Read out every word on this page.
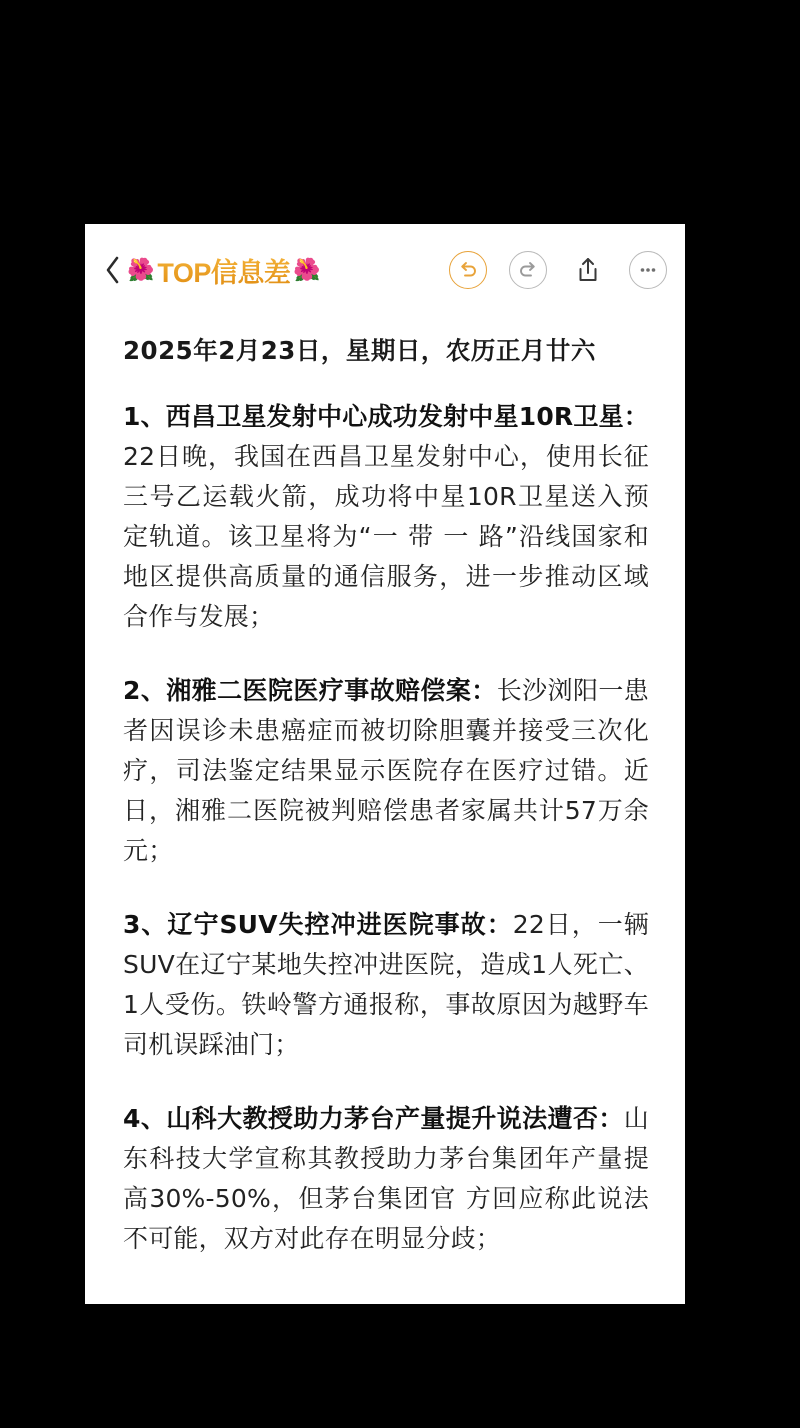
🌺 TOP信息差 🌺
2025年2月23日，星期日，农历正月廿六

1、西昌卫星发射中心成功发射中星10R卫星：22日晚，我国在西昌卫星发射中心，使用长征三号乙运载火箭，成功将中星10R卫星送入预定轨道。该卫星将为“一 带 一 路”沿线国家和地区提供高质量的通信服务，进一步推动区域合作与发展；

2、湘雅二医院医疗事故赔偿案：长沙浏阳一患者因误诊未患癌症而被切除胆囊并接受三次化疗，司法鉴定结果显示医院存在医疗过错。近日，湘雅二医院被判赔偿患者家属共计57万余元；

3、辽宁SUV失控冲进医院事故：22日，一辆SUV在辽宁某地失控冲进医院，造成1人死亡、1人受伤。铁岭警方通报称，事故原因为越野车司机误踩油门；

4、山科大教授助力茅台产量提升说法遭否：山东科技大学宣称其教授助力茅台集团年产量提高30%-50%，但茅台集团官 方回应称此说法不可能，双方对此存在明显分歧；
